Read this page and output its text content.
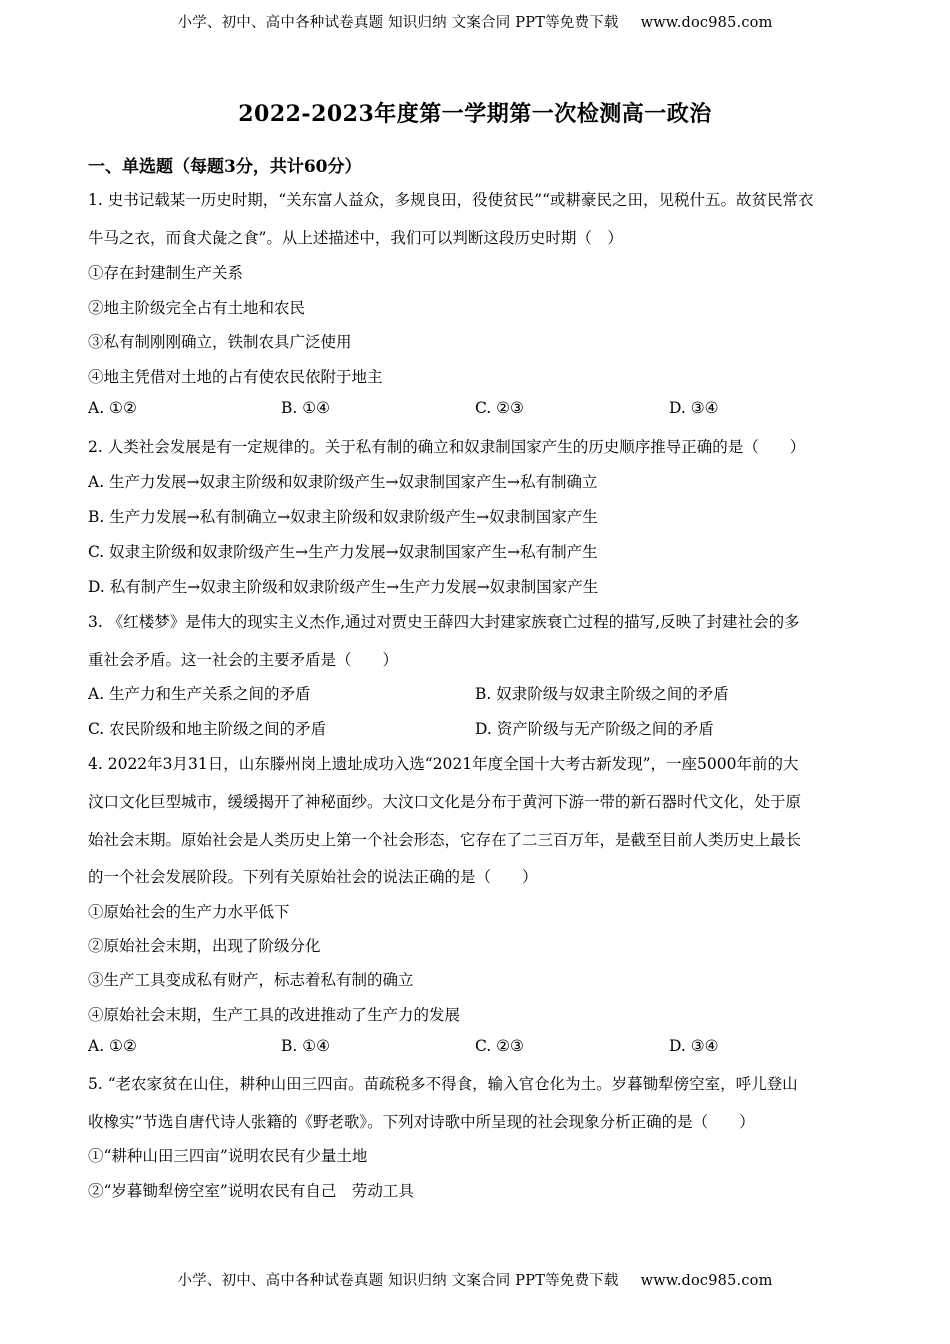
小学、初中、高中各种试卷真题 知识归纳 文案合同 PPT等免费下载 www.doc985.com
2022-2023年度第一学期第一次检测高一政治
一、单选题（每题3分，共计60分）
1. 史书记载某一历史时期，“关东富人益众，多规良田，役使贫民”“或耕豪民之田，见税什五。故贫民常衣
牛马之衣，而食犬彘之食”。从上述描述中，我们可以判断这段历史时期（　）
①存在封建制生产关系
②地主阶级完全占有土地和农民
③私有制刚刚确立，铁制农具广泛使用
④地主凭借对土地的占有使农民依附于地主
A. ①②	B. ①④	C. ②③	D. ③④
2. 人类社会发展是有一定规律的。关于私有制的确立和奴隶制国家产生的历史顺序推导正确的是（　　）
A. 生产力发展→奴隶主阶级和奴隶阶级产生→奴隶制国家产生→私有制确立
B. 生产力发展→私有制确立→奴隶主阶级和奴隶阶级产生→奴隶制国家产生
C. 奴隶主阶级和奴隶阶级产生→生产力发展→奴隶制国家产生→私有制产生
D. 私有制产生→奴隶主阶级和奴隶阶级产生→生产力发展→奴隶制国家产生
3. 《红楼梦》是伟大的现实主义杰作,通过对贾史王薛四大封建家族衰亡过程的描写,反映了封建社会的多
重社会矛盾。这一社会的主要矛盾是（　　）
A. 生产力和生产关系之间的矛盾	B. 奴隶阶级与奴隶主阶级之间的矛盾
C. 农民阶级和地主阶级之间的矛盾	D. 资产阶级与无产阶级之间的矛盾
4. 2022年3月31日，山东滕州岗上遗址成功入选“2021年度全国十大考古新发现”，一座5000年前的大
汶口文化巨型城市，缓缓揭开了神秘面纱。大汶口文化是分布于黄河下游一带的新石器时代文化，处于原
始社会末期。原始社会是人类历史上第一个社会形态，它存在了二三百万年，是截至目前人类历史上最长
的一个社会发展阶段。下列有关原始社会的说法正确的是（　　）
①原始社会的生产力水平低下
②原始社会末期，出现了阶级分化
③生产工具变成私有财产，标志着私有制的确立
④原始社会末期，生产工具的改进推动了生产力的发展
A. ①②	B. ①④	C. ②③	D. ③④
5. “老农家贫在山住，耕种山田三四亩。苗疏税多不得食，输入官仓化为土。岁暮锄犁傍空室，呼儿登山
收橡实”节选自唐代诗人张籍的《野老歌》。下列对诗歌中所呈现的社会现象分析正确的是（　　）
①“耕种山田三四亩”说明农民有少量土地
②“岁暮锄犁傍空室”说明农民有自己　劳动工具
小学、初中、高中各种试卷真题 知识归纳 文案合同 PPT等免费下载 www.doc985.com
